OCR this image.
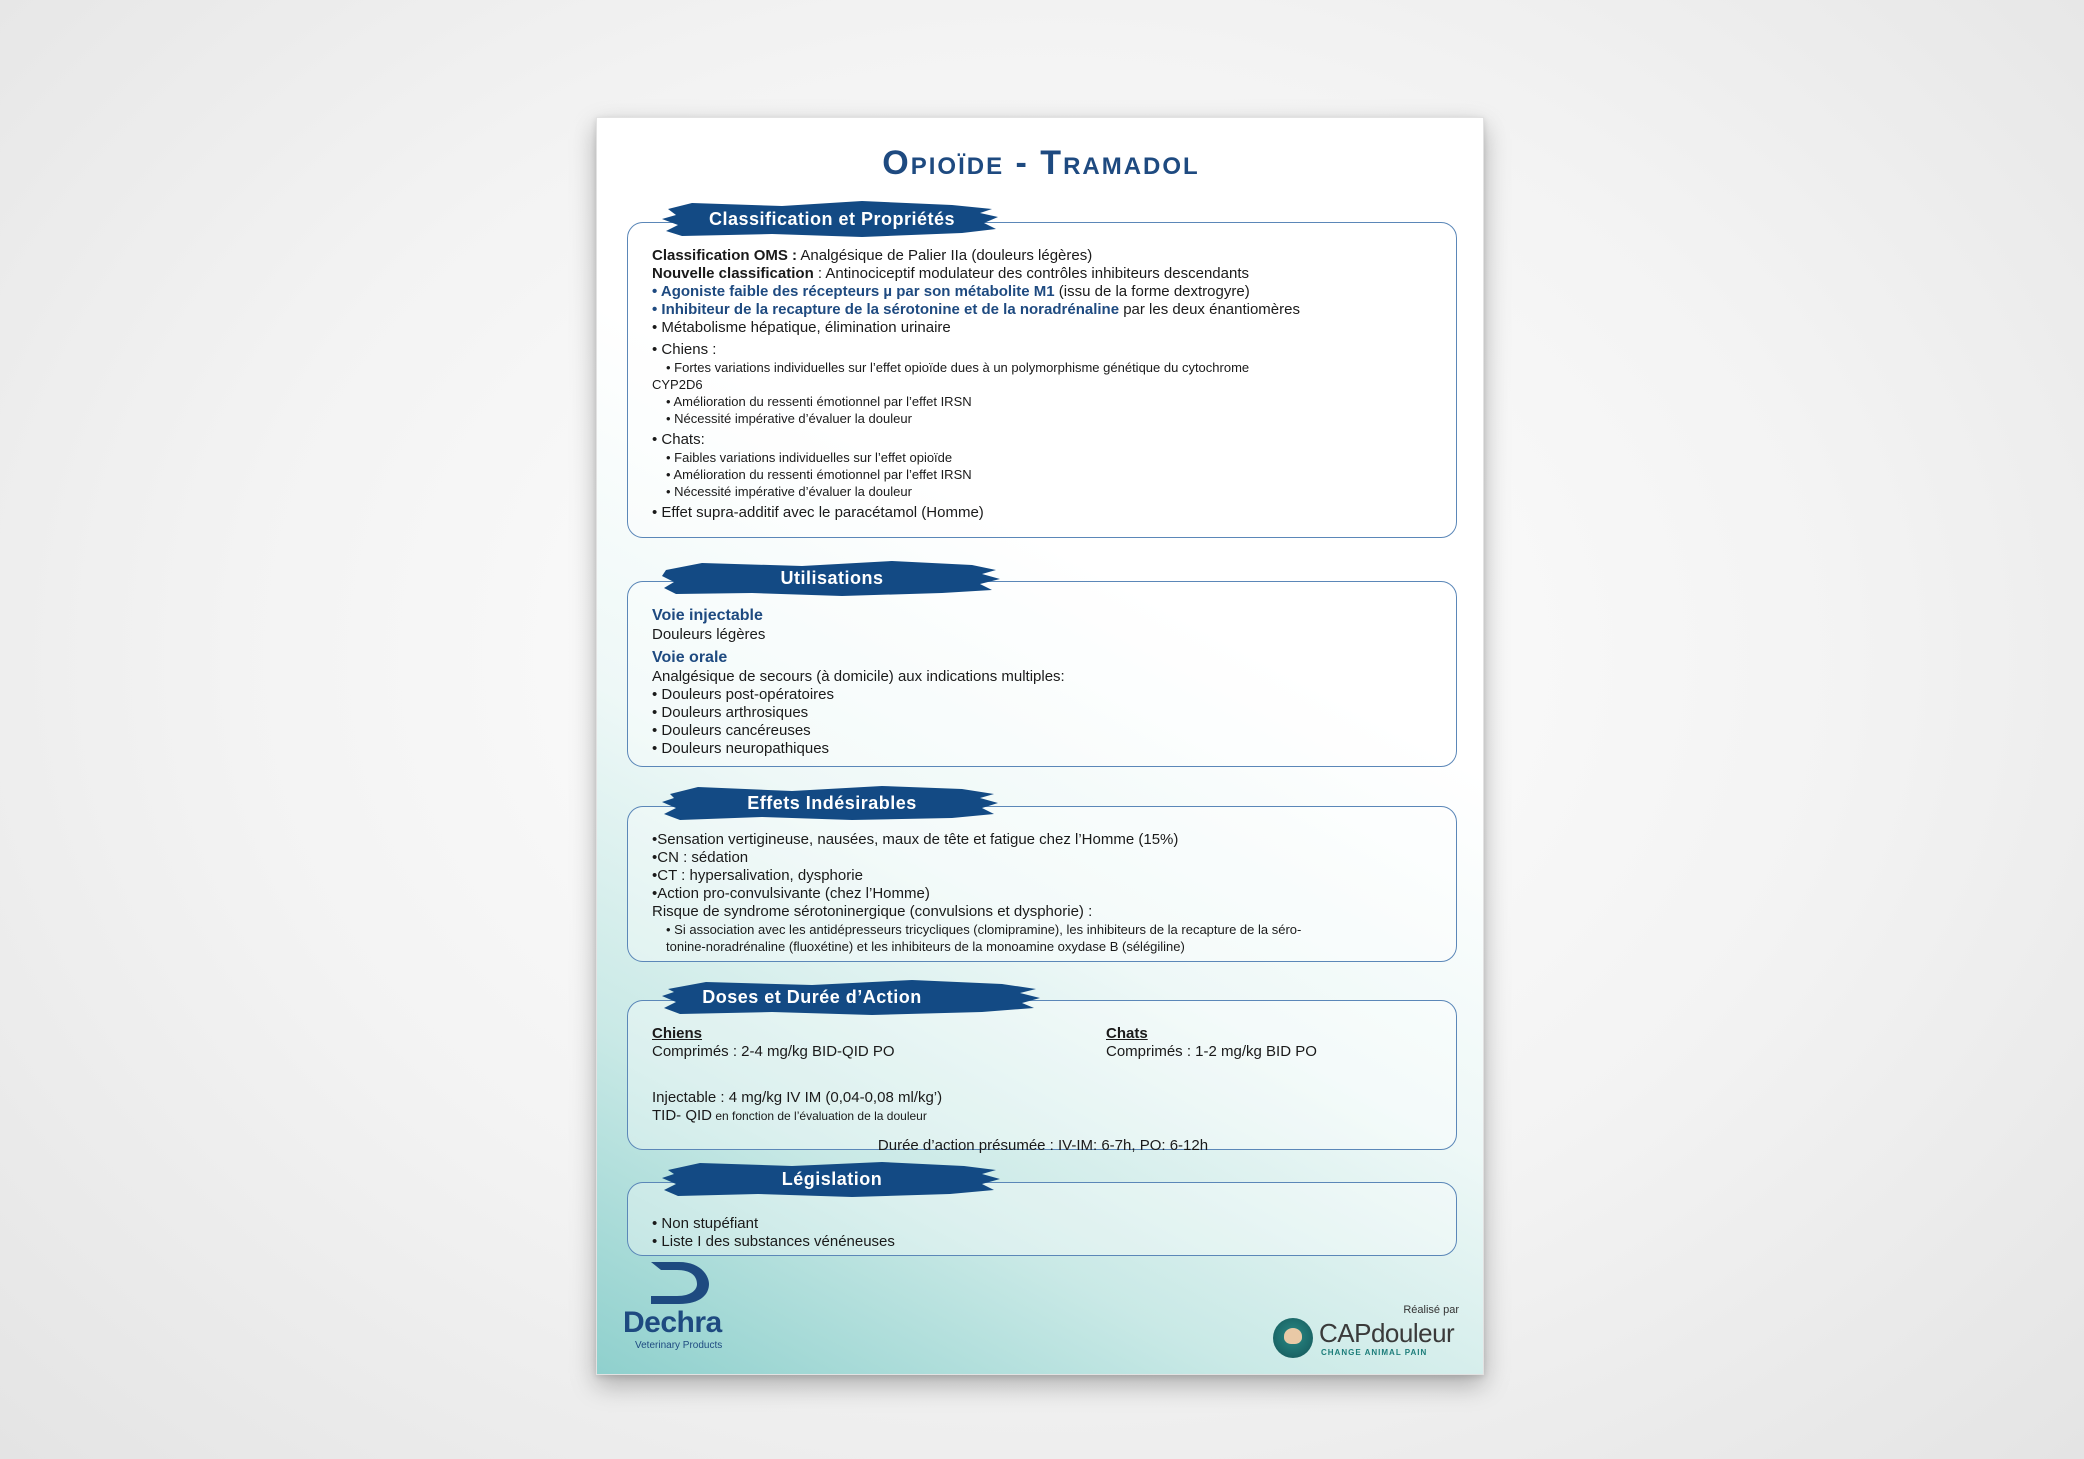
Opioïde - Tramadol
Classification et Propriétés
Classification OMS : Analgésique de Palier IIa (douleurs légères)
Nouvelle classification : Antinociceptif modulateur des contrôles inhibiteurs descendants
• Agoniste faible des récepteurs µ par son métabolite M1 (issu de la forme dextrogyre)
• Inhibiteur de la recapture de la sérotonine et de la noradrénaline par les deux énantiomères
• Métabolisme hépatique, élimination urinaire
• Chiens :
• Fortes variations individuelles sur l’effet opioïde dues à un polymorphisme génétique du cytochrome
CYP2D6
• Amélioration du ressenti émotionnel par l’effet IRSN
• Nécessité impérative d’évaluer la douleur
• Chats:
• Faibles variations individuelles sur l’effet opioïde
• Amélioration du ressenti émotionnel par l’effet IRSN
• Nécessité impérative d’évaluer la douleur
• Effet supra-additif avec le paracétamol (Homme)
Utilisations
Voie injectable
Douleurs légères
Voie orale
Analgésique de secours (à domicile) aux indications multiples:
• Douleurs post-opératoires
• Douleurs arthrosiques
• Douleurs cancéreuses
• Douleurs neuropathiques
Effets Indésirables
•Sensation vertigineuse, nausées, maux de tête et fatigue chez l’Homme (15%)
•CN : sédation
•CT : hypersalivation, dysphorie
•Action pro-convulsivante (chez l’Homme)
Risque de syndrome sérotoninergique (convulsions et dysphorie) :
• Si association avec les antidépresseurs tricycliques (clomipramine), les inhibiteurs de la recapture de la séro-
tonine-noradrénaline (fluoxétine) et les inhibiteurs de la monoamine oxydase B (sélégiline)
Doses et Durée d’Action
Chiens
Comprimés : 2-4 mg/kg BID-QID PO
Chats
Comprimés : 1-2 mg/kg BID PO
Injectable : 4 mg/kg IV IM (0,04-0,08 ml/kg’)
TID- QID en fonction de l’évaluation de la douleur
Durée d’action présumée : IV-IM: 6-7h, PO: 6-12h
Législation
• Non stupéfiant
• Liste I des substances vénéneuses
Dechra
Veterinary Products
Réalisé par
CAPdouleur
CHANGE ANIMAL PAIN
